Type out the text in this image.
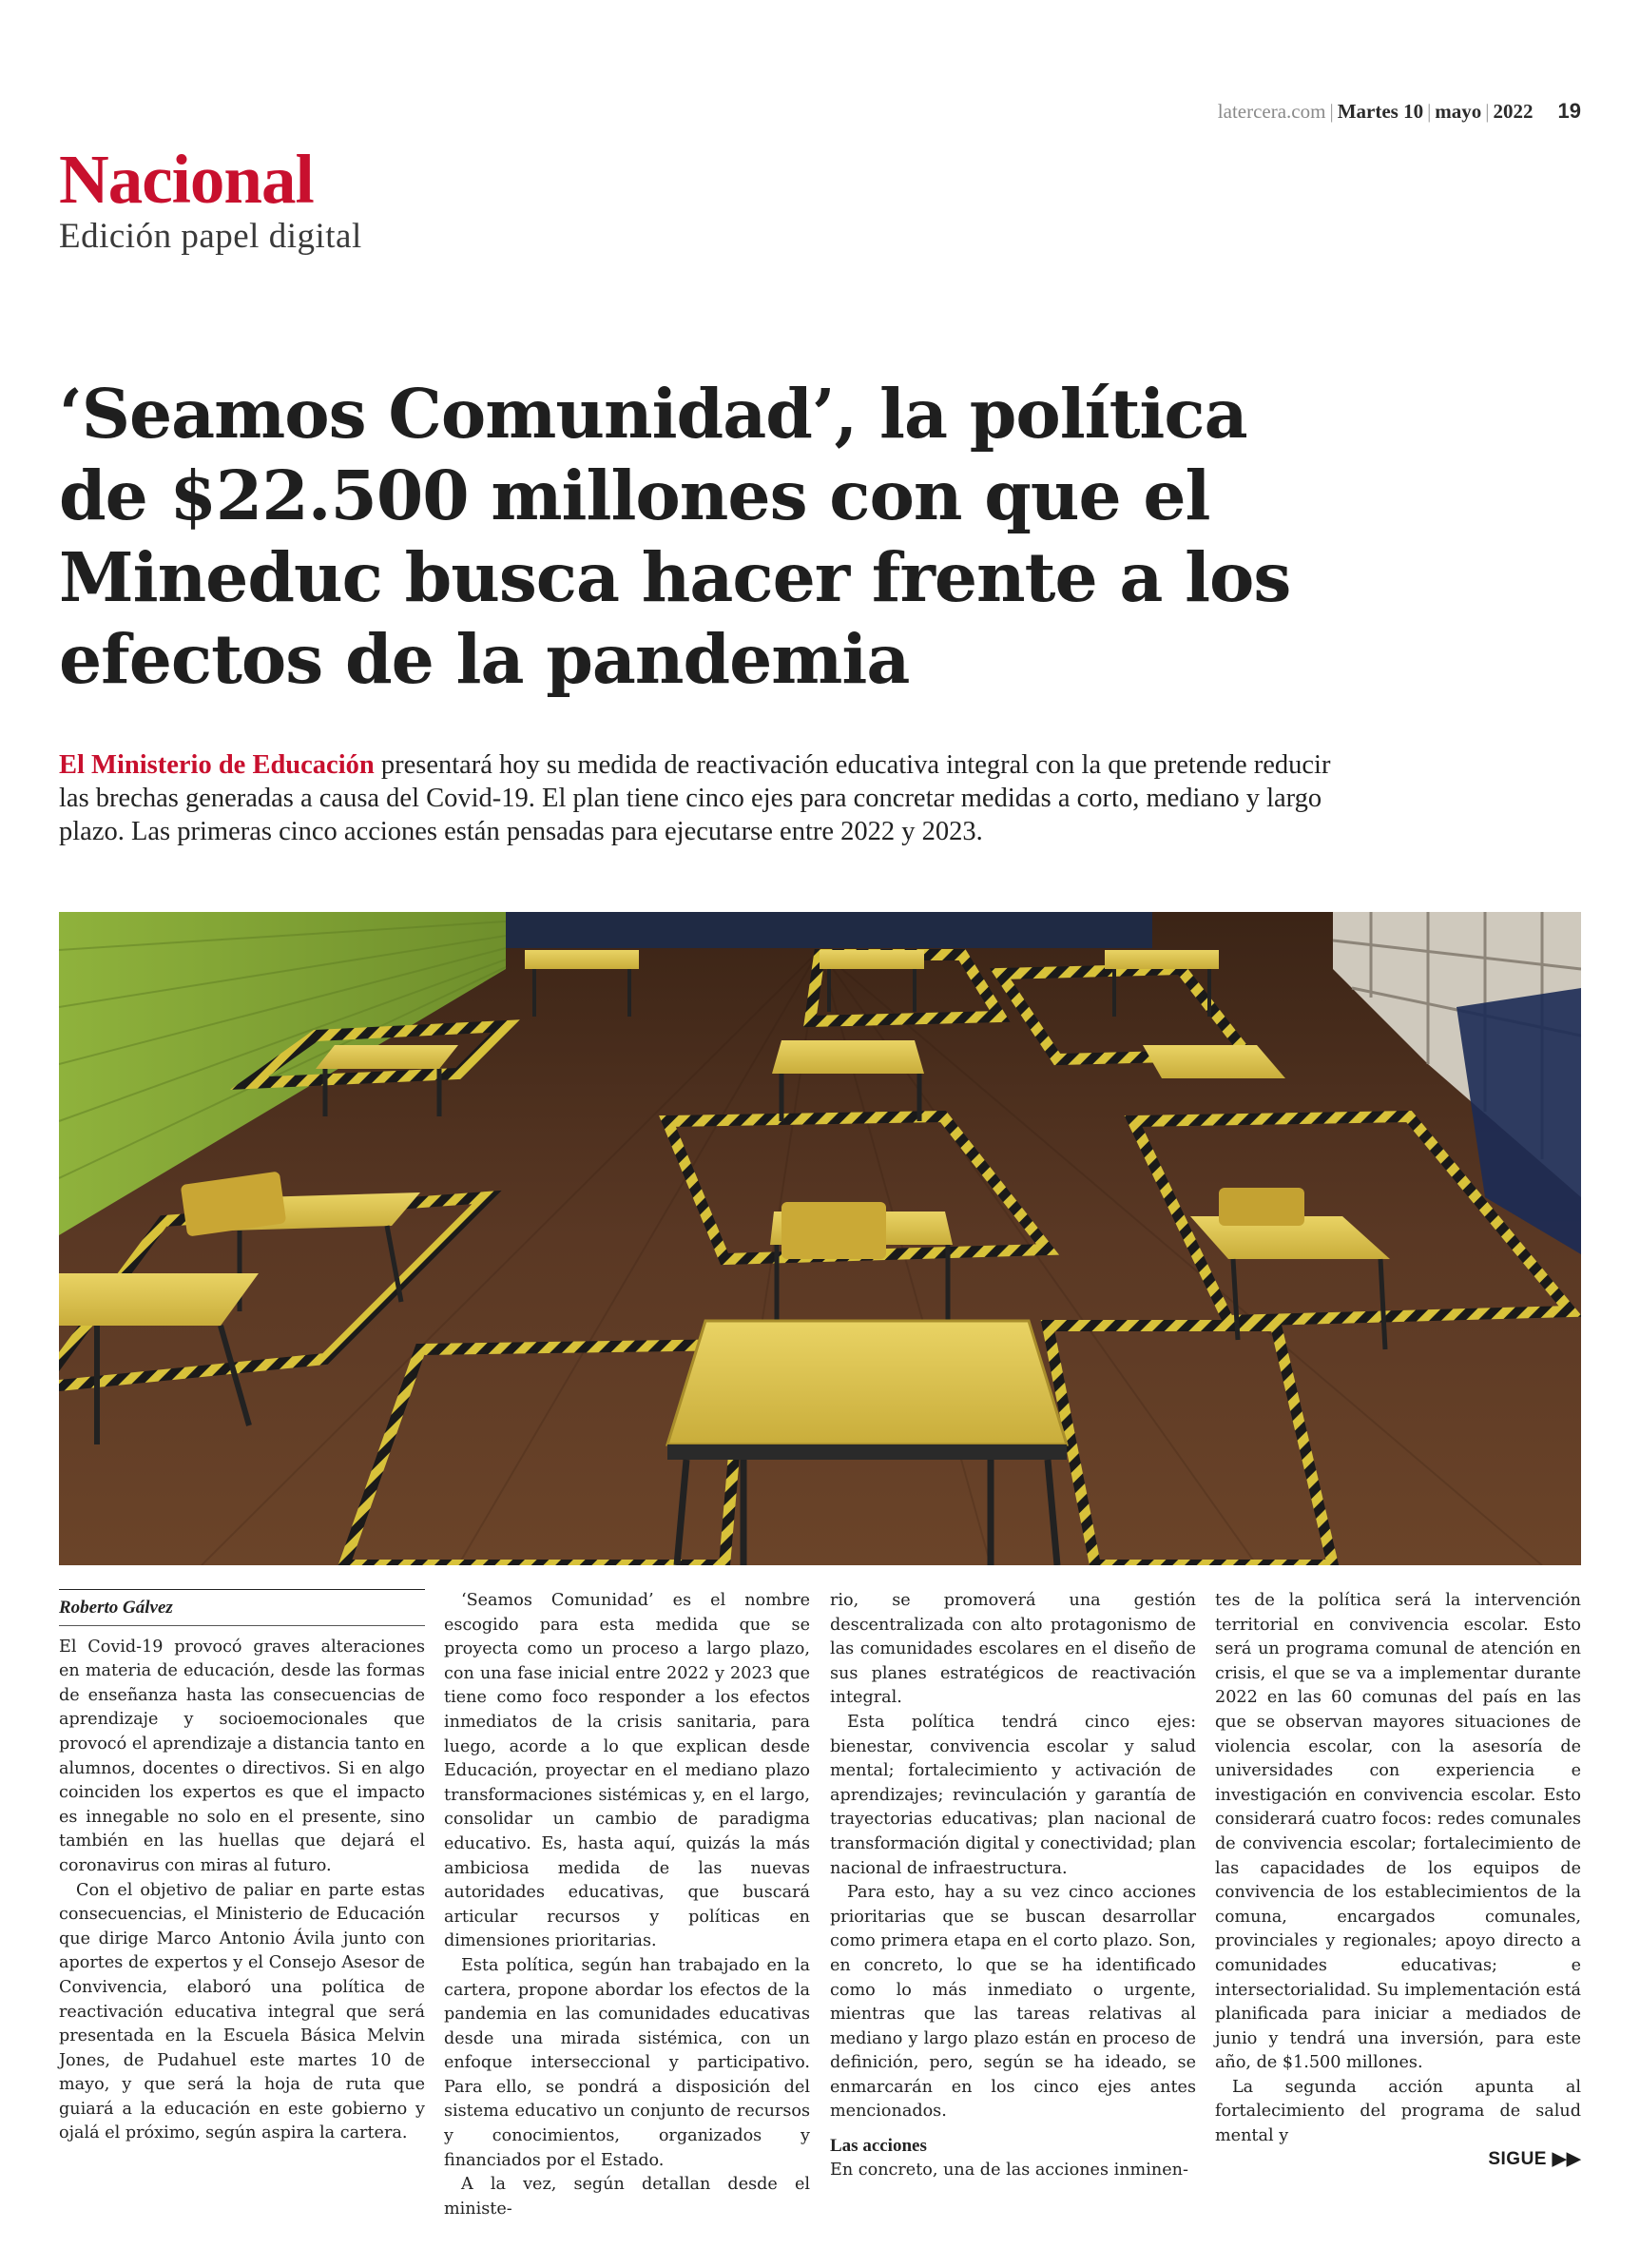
latercera.com | Martes 10 | mayo | 2022 19
Nacional
Edición papel digital
‘Seamos Comunidad’, la política de $22.500 millones con que el Mineduc busca hacer frente a los efectos de la pandemia

El Ministerio de Educación presentará hoy su medida de reactivación educativa integral con la que pretende reducir las brechas generadas a causa del Covid-19. El plan tiene cinco ejes para concretar medidas a corto, mediano y largo plazo. Las primeras cinco acciones están pensadas para ejecutarse entre 2022 y 2023.

Roberto Gálvez

El Covid-19 provocó graves alteraciones en materia de educación, desde las formas de enseñanza hasta las consecuencias de aprendizaje y socioemocionales que provocó el aprendizaje a distancia tanto en alumnos, docentes o directivos. Si en algo coinciden los expertos es que el impacto es innegable no solo en el presente, sino también en las huellas que dejará el coronavirus con miras al futuro.

Con el objetivo de paliar en parte estas consecuencias, el Ministerio de Educación que dirige Marco Antonio Ávila junto con aportes de expertos y el Consejo Asesor de Convivencia, elaboró una política de reactivación educativa integral que será presentada en la Escuela Básica Melvin Jones, de Pudahuel este martes 10 de mayo, y que será la hoja de ruta que guiará a la educación en este gobierno y ojalá el próximo, según aspira la cartera.

‘Seamos Comunidad’ es el nombre escogido para esta medida que se proyecta como un proceso a largo plazo, con una fase inicial entre 2022 y 2023 que tiene como foco responder a los efectos inmediatos de la crisis sanitaria, para luego, acorde a lo que explican desde Educación, proyectar en el mediano plazo transformaciones sistémicas y, en el largo, consolidar un cambio de paradigma educativo. Es, hasta aquí, quizás la más ambiciosa medida de las nuevas autoridades educativas, que buscará articular recursos y políticas en dimensiones prioritarias.

Esta política, según han trabajado en la cartera, propone abordar los efectos de la pandemia en las comunidades educativas desde una mirada sistémica, con un enfoque interseccional y participativo. Para ello, se pondrá a disposición del sistema educativo un conjunto de recursos y conocimientos, organizados y financiados por el Estado.

A la vez, según detallan desde el ministe-

rio, se promoverá una gestión descentralizada con alto protagonismo de las comunidades escolares en el diseño de sus planes estratégicos de reactivación integral.

Esta política tendrá cinco ejes: bienestar, convivencia escolar y salud mental; fortalecimiento y activación de aprendizajes; revinculación y garantía de trayectorias educativas; plan nacional de transformación digital y conectividad; plan nacional de infraestructura.

Para esto, hay a su vez cinco acciones prioritarias que se buscan desarrollar como primera etapa en el corto plazo. Son, en concreto, lo que se ha identificado como lo más inmediato o urgente, mientras que las tareas relativas al mediano y largo plazo están en proceso de definición, pero, según se ha ideado, se enmarcarán en los cinco ejes antes mencionados.

Las acciones

En concreto, una de las acciones inminen-

tes de la política será la intervención territorial en convivencia escolar. Esto será un programa comunal de atención en crisis, el que se va a implementar durante 2022 en las 60 comunas del país en las que se observan mayores situaciones de violencia escolar, con la asesoría de universidades con experiencia e investigación en convivencia escolar. Esto considerará cuatro focos: redes comunales de convivencia escolar; fortalecimiento de las capacidades de los equipos de convivencia de los establecimientos de la comuna, encargados comunales, provinciales y regionales; apoyo directo a comunidades educativas; e intersectorialidad. Su implementación está planificada para iniciar a mediados de junio y tendrá una inversión, para este año, de $1.500 millones.

La segunda acción apunta al fortalecimiento del programa de salud mental y

SIGUE ▶▶
